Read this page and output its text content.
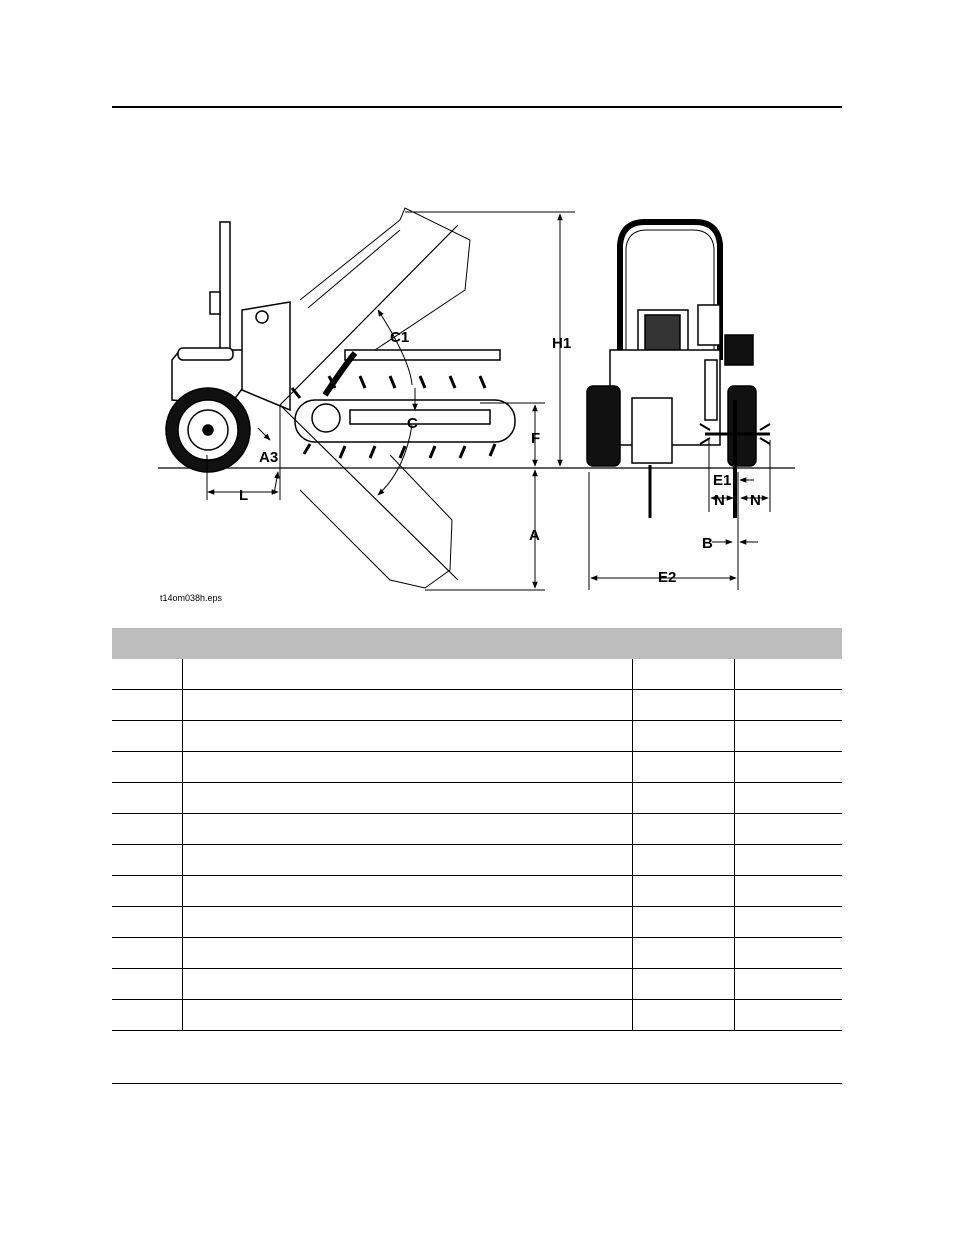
H1
C1
C
F
A3
A
L
E1
N N
B
E2
t14om038h.eps
